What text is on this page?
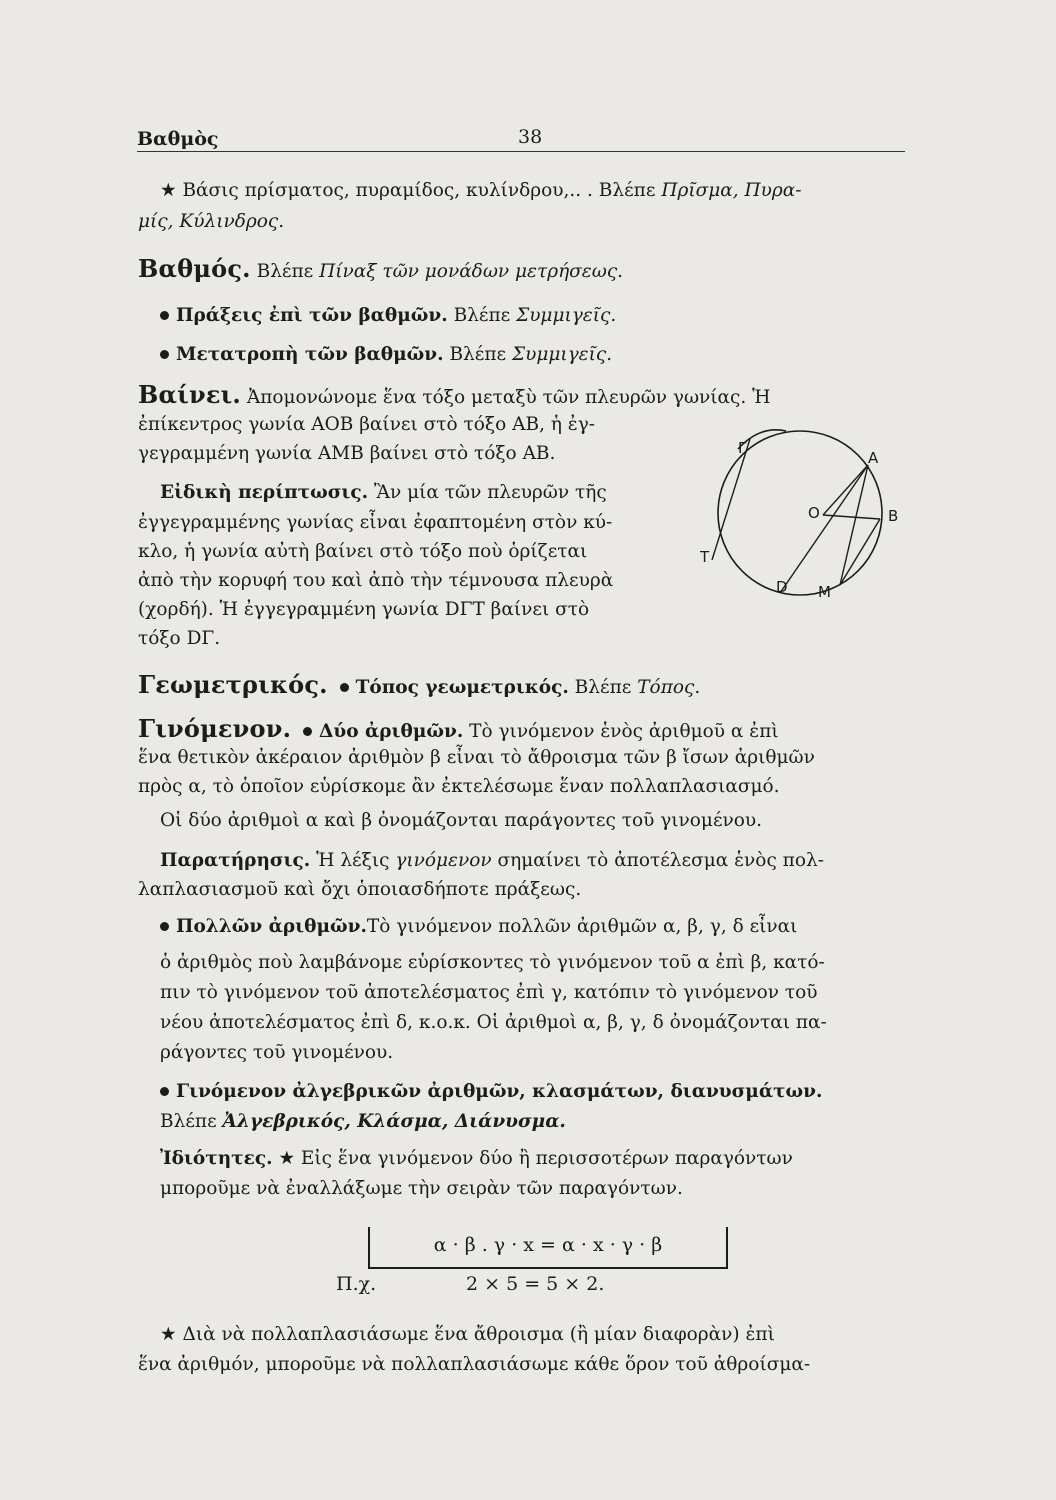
Βαθμὸς	38
★ Βάσις πρίσματος, πυραμίδος, κυλίνδρου,.. . Βλέπε Πρῖσμα, Πυρα-
μίς, Κύλινδρος.
Βαθμός. Βλέπε Πίναξ τῶν μονάδων μετρήσεως.
Πράξεις ἐπὶ τῶν βαθμῶν. Βλέπε Συμμιγεῖς.
Μετατροπὴ τῶν βαθμῶν. Βλέπε Συμμιγεῖς.
Βαίνει. Ἀπομονώνομε ἕνα τόξο μεταξὺ τῶν πλευρῶν γωνίας. Ἡ
ἐπίκεντρος γωνία AOB βαίνει στὸ τόξο AB, ἡ ἐγ-
γεγραμμένη γωνία AMB βαίνει στὸ τόξο AB.
Εἰδικὴ περίπτωσις. Ἂν μία τῶν πλευρῶν τῆς
ἐγγεγραμμένης γωνίας εἶναι ἐφαπτομένη στὸν κύ-
κλο, ἡ γωνία αὐτὴ βαίνει στὸ τόξο ποὺ ὁρίζεται
ἀπὸ τὴν κορυφή του καὶ ἀπὸ τὴν τέμνουσα πλευρὰ
(χορδή). Ἡ ἐγγεγραμμένη γωνία DΓT βαίνει στὸ
τόξο DΓ.
Γ
A
O	B
T
D M
Γεωμετρικός. Τόπος γεωμετρικός. Βλέπε Τόπος.
Γινόμενον. Δύο ἀριθμῶν. Τὸ γινόμενον ἑνὸς ἀριθμοῦ α ἐπὶ
ἕνα θετικὸν ἀκέραιον ἀριθμὸν β εἶναι τὸ ἄθροισμα τῶν β ἴσων ἀριθμῶν
πρὸς α, τὸ ὁποῖον εὑρίσκομε ἂν ἐκτελέσωμε ἕναν πολλαπλασιασμό.
Οἱ δύο ἀριθμοὶ α καὶ β ὀνομάζονται παράγοντες τοῦ γινομένου.
Παρατήρησις. Ἡ λέξις γινόμενον σημαίνει τὸ ἀποτέλεσμα ἑνὸς πολ-
λαπλασιασμοῦ καὶ ὄχι ὁποιασδήποτε πράξεως.
Πολλῶν ἀριθμῶν.Τὸ γινόμενον πολλῶν ἀριθμῶν α, β, γ, δ εἶναι
ὁ ἀριθμὸς ποὺ λαμβάνομε εὑρίσκοντες τὸ γινόμενον τοῦ α ἐπὶ β, κατό-
πιν τὸ γινόμενον τοῦ ἀποτελέσματος ἐπὶ γ, κατόπιν τὸ γινόμενον τοῦ
νέου ἀποτελέσματος ἐπὶ δ, κ.ο.κ. Οἱ ἀριθμοὶ α, β, γ, δ ὀνομάζονται πα-
ράγοντες τοῦ γινομένου.
Γινόμενον ἀλγεβρικῶν ἀριθμῶν, κλασμάτων, διανυσμάτων.
Βλέπε Ἀλγεβρικός, Κλάσμα, Διάνυσμα.
Ἰδιότητες. ★ Εἰς ἕνα γινόμενον δύο ἢ περισσοτέρων παραγόντων
μποροῦμε νὰ ἐναλλάξωμε τὴν σειρὰν τῶν παραγόντων.
α · β . γ · x = α · x · γ · β
Π.χ.	2 × 5 = 5 × 2.
★ Διὰ νὰ πολλαπλασιάσωμε ἕνα ἄθροισμα (ἢ μίαν διαφορὰν) ἐπὶ
ἕνα ἀριθμόν, μποροῦμε νὰ πολλαπλασιάσωμε κάθε ὅρον τοῦ ἀθροίσμα-
